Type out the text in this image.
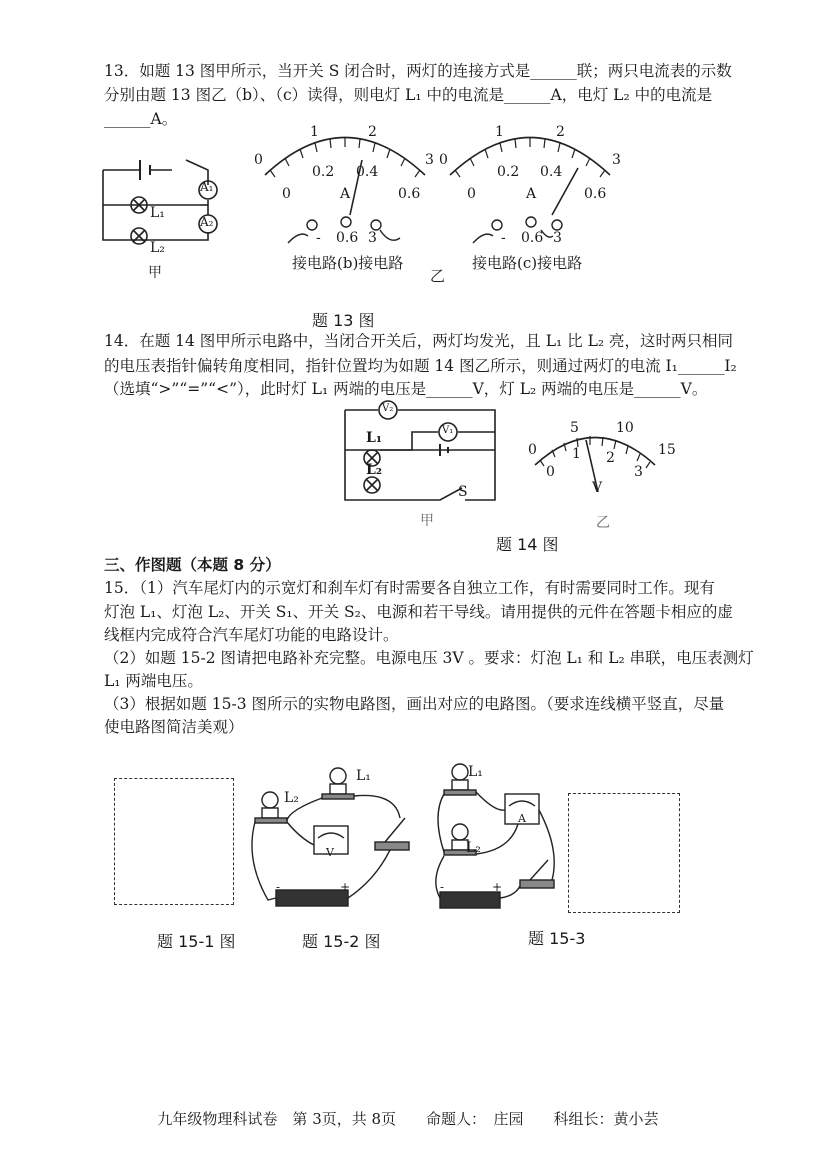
13．如题 13 图甲所示，当开关 S 闭合时，两灯的连接方式是______联；两只电流表的示数
分别由题 13 图乙（b）、（c）读得，则电灯 L₁ 中的电流是______A，电灯 L₂ 中的电流是
______A。
A₁
A₂
L₁
L₂
甲
0
1	2
3
0
0.2 0.4
0.6
A
- 0.6 3
接电路(b)接电路
0
1	2
3
0
0.2 0.4
0.6
A
- 0.6 3
接电路(c)接电路
乙
题 13 图
14．在题 14 图甲所示电路中，当闭合开关后，两灯均发光，且 L₁ 比 L₂ 亮，这时两只相同
的电压表指针偏转角度相同，指针位置均为如题 14 图乙所示，则通过两灯的电流 I₁______I₂
（选填“>”“=”“<”），此时灯 L₁ 两端的电压是______V，灯 L₂ 两端的电压是______V。
V₂
V₁
L₁
L₂
S
甲
0
5	10
15
0
1 2
3
V
乙
题 14 图
三、作图题（本题 8 分）
15．（1）汽车尾灯内的示宽灯和刹车灯有时需要各自独立工作，有时需要同时工作。现有
灯泡 L₁、灯泡 L₂、开关 S₁、开关 S₂、电源和若干导线。请用提供的元件在答题卡相应的虚
线框内完成符合汽车尾灯功能的电路设计。
（2）如题 15-2 图请把电路补充完整。电源电压 3V 。要求：灯泡 L₁ 和 L₂ 串联，电压表测灯
L₁ 两端电压。
（3）根据如题 15-3 图所示的实物电路图，画出对应的电路图。（要求连线横平竖直，尽量
使电路图简洁美观）
L₂
L₁
V
-	+
L₁
L₂
A
-	+
题 15-1 图	题 15-2 图	题 15-3
九年级物理科试卷　第 3页，共 8页　　命题人：　庄园　　科组长：黄小芸
